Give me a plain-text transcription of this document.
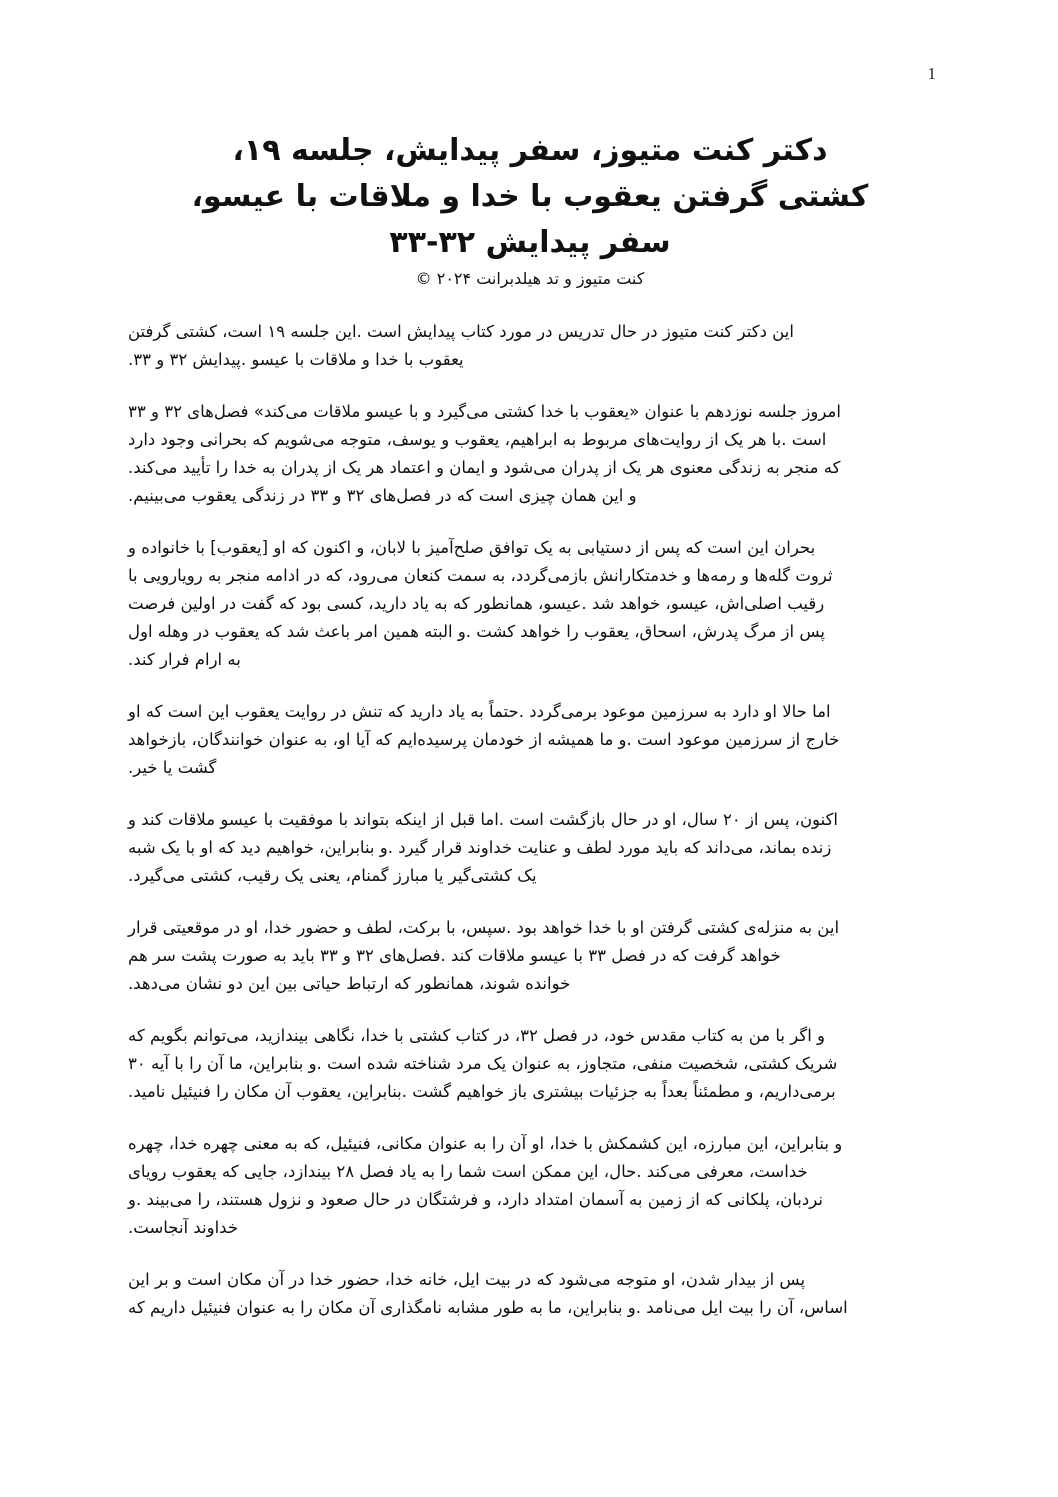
1

دکتر کنت متیوز، سفر پیدایش، جلسه ۱۹،

کشتی گرفتن یعقوب با خدا و ملاقات با عیسو،

سفر پیدایش ۳۲-۳۳

کنت متیوز و تد هیلدبرانت ۲۰۲۴ ©

این دکتر کنت متیوز در حال تدریس در مورد کتاب پیدایش است .این جلسه ۱۹ است، کشتی گرفتن
یعقوب با خدا و ملاقات با عیسو .پیدایش ۳۲ و ۳۳.

امروز جلسه نوزدهم با عنوان «یعقوب با خدا کشتی می‌گیرد و با عیسو ملاقات می‌کند» فصل‌های ۳۲ و ۳۳
است .با هر یک از روایت‌های مربوط به ابراهیم، یعقوب و یوسف، متوجه می‌شویم که بحرانی وجود دارد
که منجر به زندگی معنوی هر یک از پدران می‌شود و ایمان و اعتماد هر یک از پدران به خدا را تأیید می‌کند.
و این همان چیزی است که در فصل‌های ۳۲ و ۳۳ در زندگی یعقوب می‌بینیم.

بحران این است که پس از دستیابی به یک توافق صلح‌آمیز با لابان، و اکنون که او [یعقوب] با خانواده و
ثروت گله‌ها و رمه‌ها و خدمتکارانش بازمی‌گردد، به سمت کنعان می‌رود، که در ادامه منجر به رویارویی با
رقیب اصلی‌اش، عیسو، خواهد شد .عیسو، همانطور که به یاد دارید، کسی بود که گفت در اولین فرصت
پس از مرگ پدرش، اسحاق، یعقوب را خواهد کشت .و البته همین امر باعث شد که یعقوب در وهله اول
به ارام فرار کند.

اما حالا او دارد به سرزمین موعود برمی‌گردد .حتماً به یاد دارید که تنش در روایت یعقوب این است که او
خارج از سرزمین موعود است .و ما همیشه از خودمان پرسیده‌ایم که آیا او، به عنوان خوانندگان، بازخواهد
گشت یا خیر.

اکنون، پس از ۲۰ سال، او در حال بازگشت است .اما قبل از اینکه بتواند با موفقیت با عیسو ملاقات کند و
زنده بماند، می‌داند که باید مورد لطف و عنایت خداوند قرار گیرد .و بنابراین، خواهیم دید که او با یک شبه
یک کشتی‌گیر یا مبارز گمنام، یعنی یک رقیب، کشتی می‌گیرد.

این به منزله‌ی کشتی گرفتن او با خدا خواهد بود .سپس، با برکت، لطف و حضور خدا، او در موقعیتی قرار
خواهد گرفت که در فصل ۳۳ با عیسو ملاقات کند .فصل‌های ۳۲ و ۳۳ باید به صورت پشت سر هم
خوانده شوند، همانطور که ارتباط حیاتی بین این دو نشان می‌دهد.

و اگر با من به کتاب مقدس خود، در فصل ۳۲، در کتاب کشتی با خدا، نگاهی بیندازید، می‌توانم بگویم که
شریک کشتی، شخصیت منفی، متجاوز، به عنوان یک مرد شناخته شده است .و بنابراین، ما آن را با آیه ۳۰
برمی‌داریم، و مطمئناً بعداً به جزئیات بیشتری باز خواهیم گشت .بنابراین، یعقوب آن مکان را فنیئیل نامید.

و بنابراین، این مبارزه، این کشمکش با خدا، او آن را به عنوان مکانی، فنیئیل، که به معنی چهره خدا، چهره
خداست، معرفی می‌کند .حال، این ممکن است شما را به یاد فصل ۲۸ بیندازد، جایی که یعقوب رویای
نردبان، پلکانی که از زمین به آسمان امتداد دارد، و فرشتگان در حال صعود و نزول هستند، را می‌بیند .و
خداوند آنجاست.

پس از بیدار شدن، او متوجه می‌شود که در بیت ایل، خانه خدا، حضور خدا در آن مکان است و بر این
اساس، آن را بیت ایل می‌نامد .و بنابراین، ما به طور مشابه نامگذاری آن مکان را به عنوان فنیئیل داریم که
